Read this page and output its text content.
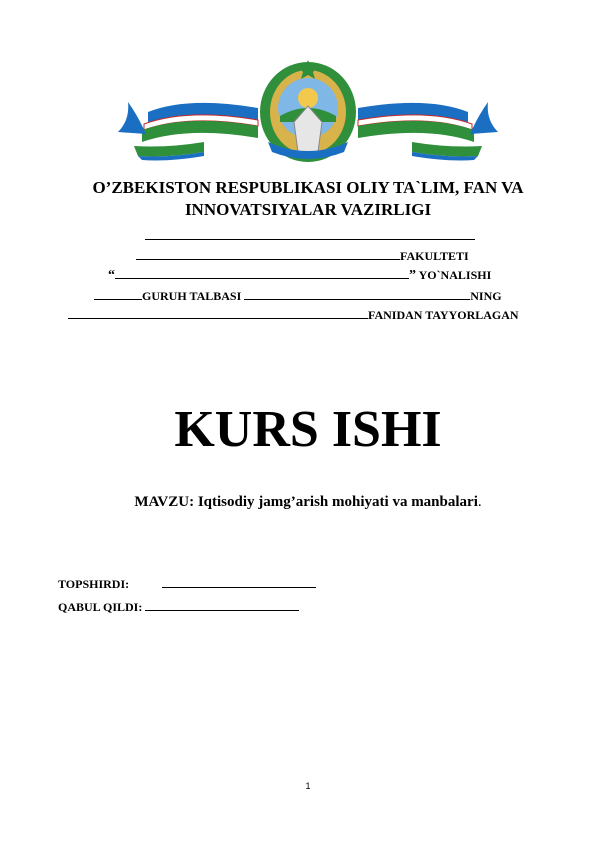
O’ZBEKISTON RESPUBLIKASI OLIY TA`LIM, FAN VA
INNOVATSIYALAR VAZIRLIGI
FAKULTETI
“	” YO`NALISHI
GURUH TALBASI	NING
FANIDAN TAYYORLAGAN
KURS ISHI
MAVZU: Iqtisodiy jamg’arish mohiyati va manbalari.
TOPSHIRDI:
QABUL QILDI:
1
